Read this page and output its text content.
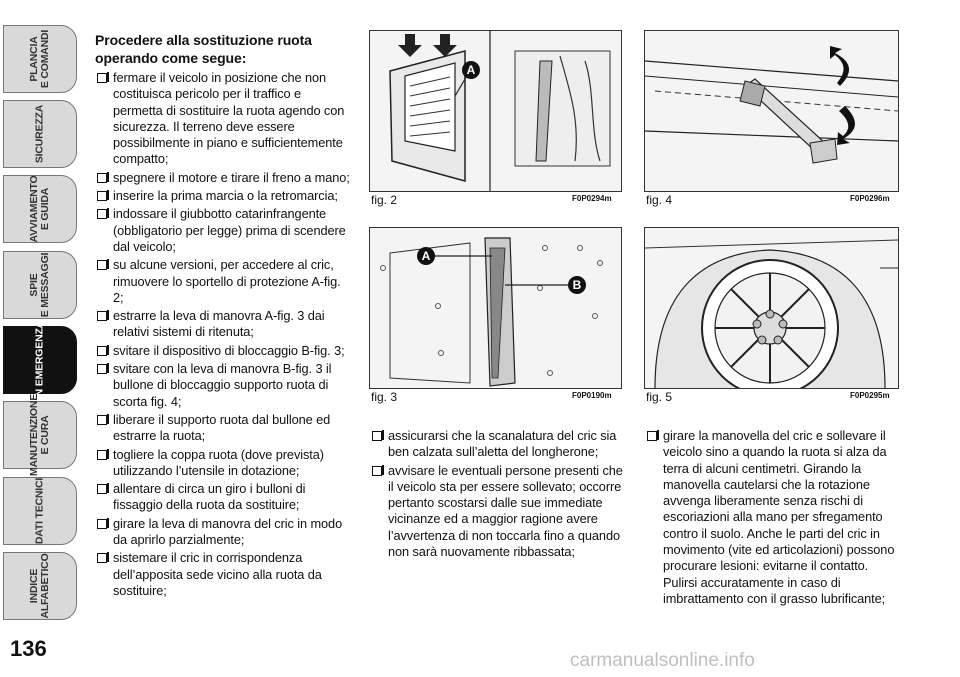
PLANCIA
E COMANDI
SICUREZZA
AVVIAMENTO
E GUIDA
SPIE
E MESSAGGI
IN EMERGENZA
MANUTENZIONE
E CURA
DATI TECNICI
INDICE
ALFABETICO
136
Procedere alla sostituzione ruota operando come segue:
fermare il veicolo in posizione che non costituisca pericolo per il traffico e permetta di sostituire la ruota agendo con sicurezza. Il terreno deve essere possibilmente in piano e sufficientemente compatto;
spegnere il motore e tirare il freno a mano;
inserire la prima marcia o la retromarcia;
indossare il giubbotto catarinfrangente (obbligatorio per legge) prima di scendere dal veicolo;
su alcune versioni, per accedere al cric, rimuovere lo sportello di protezione A-fig. 2;
estrarre la leva di manovra A-fig. 3 dai relativi sistemi di ritenuta;
svitare il dispositivo di bloccaggio B-fig. 3;
svitare con la leva di manovra B-fig. 3 il bullone di bloccaggio supporto ruota di scorta fig. 4;
liberare il supporto ruota dal bullone ed estrarre la ruota;
togliere la coppa ruota (dove prevista) utilizzando l’utensile in dotazione;
allentare di circa un giro i bulloni di fissaggio della ruota da sostituire;
girare la leva di manovra del cric in modo da aprirlo parzialmente;
sistemare il cric in corrispondenza dell’apposita sede vicino alla ruota da sostituire;
A
fig. 2	F0P0294m	fig. 4	F0P0296m
A
B
fig. 3	F0P0190m	fig. 5	F0P0295m
assicurarsi che la scanalatura del cric sia ben calzata sull’aletta del longherone;
avvisare le eventuali persone presenti che il veicolo sta per essere sollevato; occorre pertanto scostarsi dalle sue immediate vicinanze ed a maggior ragione avere l’avvertenza di non toccarla fino a quando non sarà nuovamente ribbassata;
girare la manovella del cric e sollevare il veicolo sino a quando la ruota si alza da terra di alcuni centimetri. Girando la manovella cautelarsi che la rotazione avvenga liberamente senza rischi di escoriazioni alla mano per sfregamento contro il suolo. Anche le parti del cric in movimento (vite ed articolazioni) possono procurare lesioni: evitarne il contatto. Pulirsi accuratamente in caso di imbrattamento con il grasso lubrificante;
carmanualsonline.info
